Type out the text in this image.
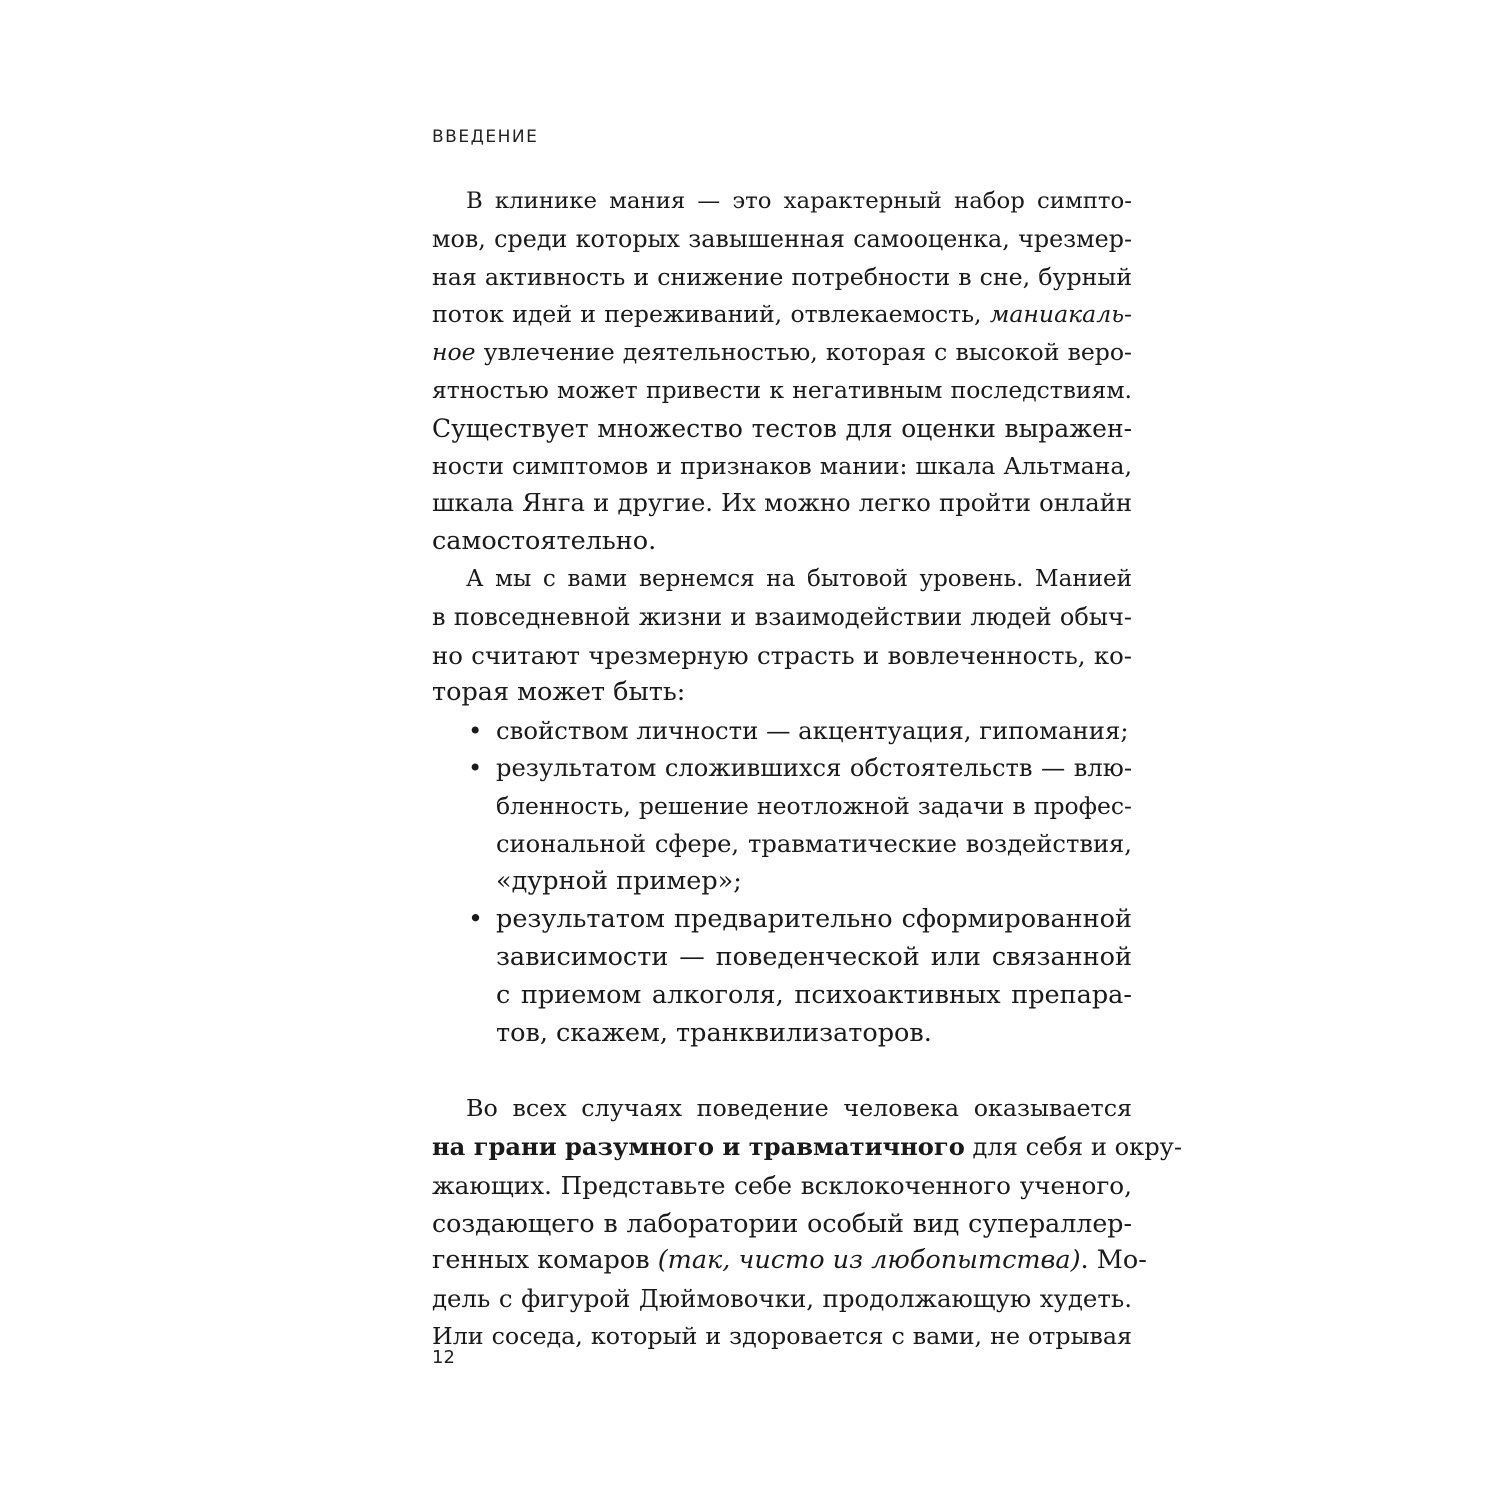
ВВЕДЕНИЕ
В клинике мания — это характерный набор симпто-
мов, среди которых завышенная самооценка, чрезмер-
ная активность и снижение потребности в сне, бурный
поток идей и переживаний, отвлекаемость, маниакаль-
ное увлечение деятельностью, которая с высокой веро-
ятностью может привести к негативным последствиям.
Существует множество тестов для оценки выражен-
ности симптомов и признаков мании: шкала Альтмана,
шкала Янга и другие. Их можно легко пройти онлайн
самостоятельно.
А мы с вами вернемся на бытовой уровень. Манией
в повседневной жизни и взаимодействии людей обыч-
но считают чрезмерную страсть и вовлеченность, ко-
торая может быть:
• свойством личности — акцентуация, гипомания;
• результатом сложившихся обстоятельств — влю-
бленность, решение неотложной задачи в профес-
сиональной сфере, травматические воздействия,
«дурной пример»;
• результатом предварительно сформированной
зависимости — поведенческой или связанной
с приемом алкоголя, психоактивных препара-
тов, скажем, транквилизаторов.
Во всех случаях поведение человека оказывается
на грани разумного и травматичного для себя и окру-
жающих. Представьте себе всклокоченного ученого,
создающего в лаборатории особый вид супераллер-
генных комаров (так, чисто из любопытства). Мо-
дель с фигурой Дюймовочки, продолжающую худеть.
Или соседа, который и здоровается с вами, не отрывая
12
